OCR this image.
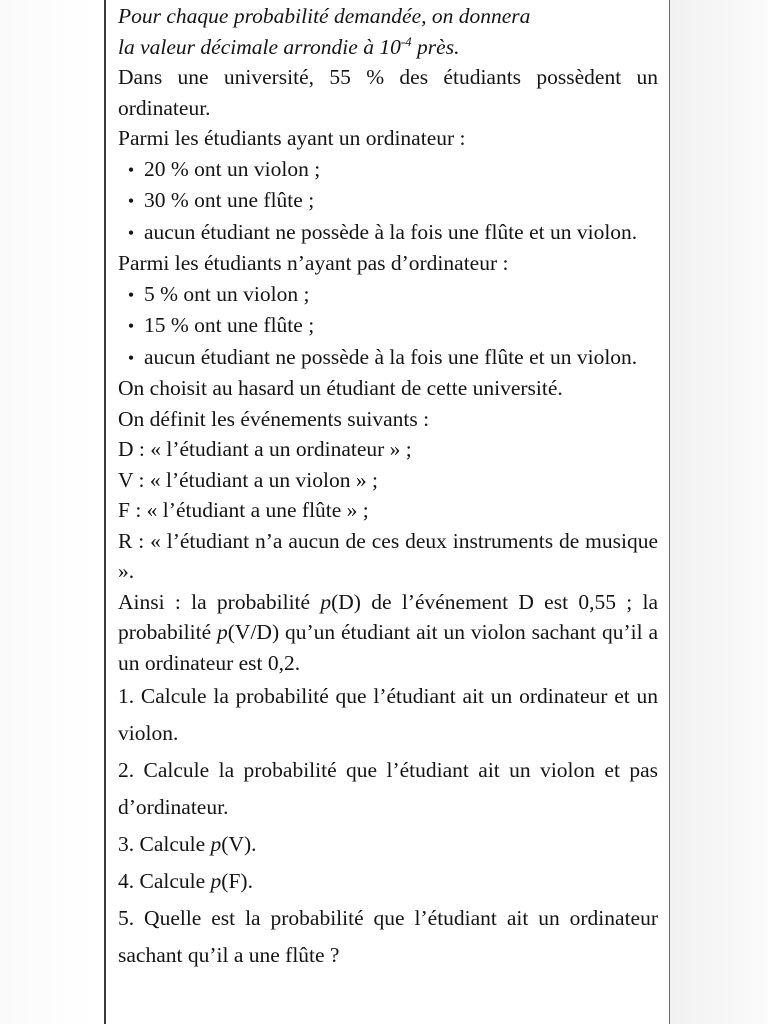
Pour chaque probabilité demandée, on donnera
la valeur décimale arrondie à $10^{-4}$ près.

Dans une université, 55 % des étudiants possèdent un ordinateur.

Parmi les étudiants ayant un ordinateur :

• 20 % ont un violon ;

• 30 % ont une flûte ;

• aucun étudiant ne possède à la fois une flûte et un violon.

Parmi les étudiants n’ayant pas d’ordinateur :

• 5 % ont un violon ;

• 15 % ont une flûte ;

• aucun étudiant ne possède à la fois une flûte et un violon.

On choisit au hasard un étudiant de cette université.

On définit les événements suivants :

D : « l’étudiant a un ordinateur » ;

V : « l’étudiant a un violon » ;

F : « l’étudiant a une flûte » ;

R : « l’étudiant n’a aucun de ces deux instruments de musique ».

Ainsi : la probabilité p(D) de l’événement D est 0,55 ; la probabilité p(V/D) qu’un étudiant ait un violon sachant qu’il a un ordinateur est 0,2.

1. Calcule la probabilité que l’étudiant ait un ordinateur et un violon.

2. Calcule la probabilité que l’étudiant ait un violon et pas d’ordinateur.

3. Calcule p(V).

4. Calcule p(F).

5. Quelle est la probabilité que l’étudiant ait un ordinateur sachant qu’il a une flûte ?
